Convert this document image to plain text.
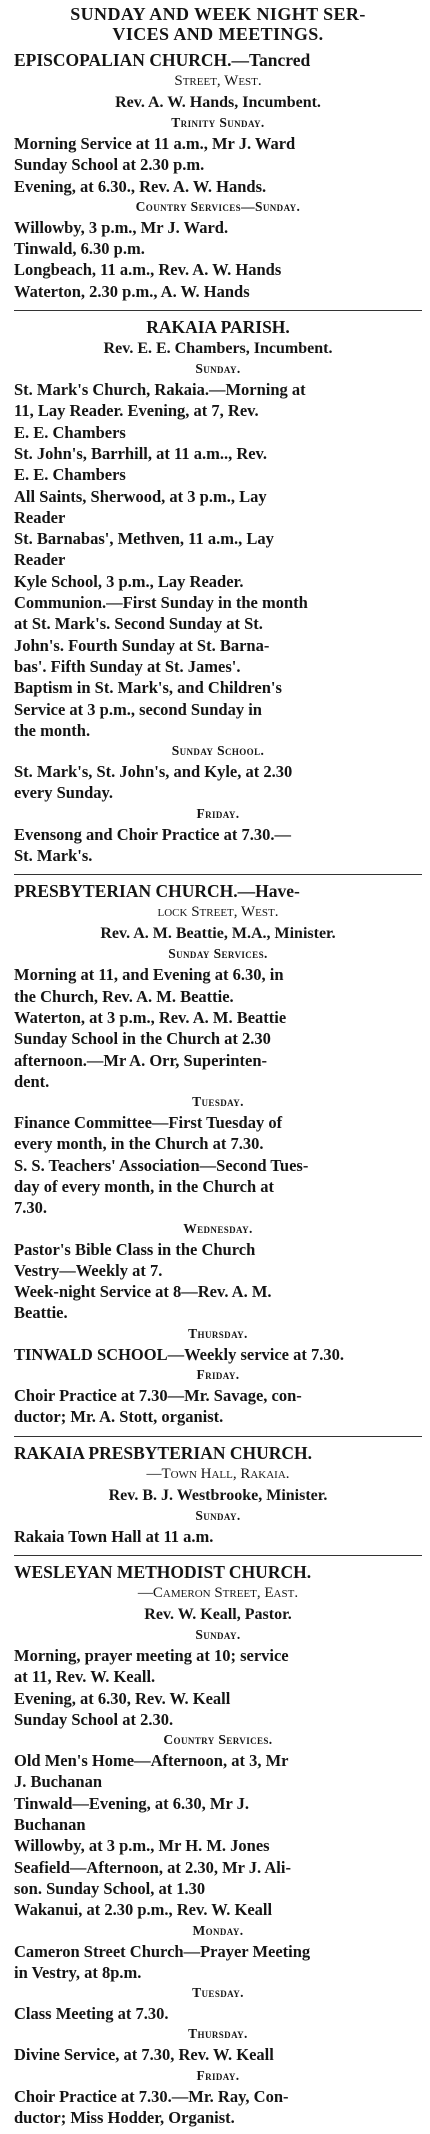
SUNDAY AND WEEK NIGHT SER-
VICES AND MEETINGS.
EPISCOPALIAN CHURCH.—Tancred
Street, West.
Rev. A. W. Hands, Incumbent.
Trinity Sunday.
Morning Service at 11 a.m., Mr J. Ward
Sunday School at 2.30 p.m.
Evening, at 6.30., Rev. A. W. Hands.
Country Services—Sunday.
Willowby, 3 p.m., Mr J. Ward.
Tinwald, 6.30 p.m.
Longbeach, 11 a.m., Rev. A. W. Hands
Waterton, 2.30 p.m., A. W. Hands
RAKAIA PARISH.
Rev. E. E. Chambers, Incumbent.
Sunday.
St. Mark's Church, Rakaia.—Morning at
11, Lay Reader. Evening, at 7, Rev.
E. E. Chambers
St. John's, Barrhill, at 11 a.m.., Rev.
E. E. Chambers
All Saints, Sherwood, at 3 p.m., Lay
Reader
St. Barnabas', Methven, 11 a.m., Lay
Reader
Kyle School, 3 p.m., Lay Reader.
Communion.—First Sunday in the month
at St. Mark's. Second Sunday at St.
John's. Fourth Sunday at St. Barna-
bas'. Fifth Sunday at St. James'.
Baptism in St. Mark's, and Children's
Service at 3 p.m., second Sunday in
the month.
Sunday School.
St. Mark's, St. John's, and Kyle, at 2.30
every Sunday.
Friday.
Evensong and Choir Practice at 7.30.—
St. Mark's.
PRESBYTERIAN CHURCH.—Have-
lock Street, West.
Rev. A. M. Beattie, M.A., Minister.
Sunday Services.
Morning at 11, and Evening at 6.30, in
the Church, Rev. A. M. Beattie.
Waterton, at 3 p.m., Rev. A. M. Beattie
Sunday School in the Church at 2.30
afternoon.—Mr A. Orr, Superinten-
dent.
Tuesday.
Finance Committee—First Tuesday of
every month, in the Church at 7.30.
S. S. Teachers' Association—Second Tues-
day of every month, in the Church at
7.30.
Wednesday.
Pastor's Bible Class in the Church
Vestry—Weekly at 7.
Week-night Service at 8—Rev. A. M.
Beattie.
Thursday.
TINWALD SCHOOL—Weekly service at 7.30.
Friday.
Choir Practice at 7.30—Mr. Savage, con-
ductor; Mr. A. Stott, organist.
RAKAIA PRESBYTERIAN CHURCH.
—Town Hall, Rakaia.
Rev. B. J. Westbrooke, Minister.
Sunday.
Rakaia Town Hall at 11 a.m.
WESLEYAN METHODIST CHURCH.
—Cameron Street, East.
Rev. W. Keall, Pastor.
Sunday.
Morning, prayer meeting at 10; service
at 11, Rev. W. Keall.
Evening, at 6.30, Rev. W. Keall
Sunday School at 2.30.
Country Services.
Old Men's Home—Afternoon, at 3, Mr
J. Buchanan
Tinwald—Evening, at 6.30, Mr J.
Buchanan
Willowby, at 3 p.m., Mr H. M. Jones
Seafield—Afternoon, at 2.30, Mr J. Ali-
son. Sunday School, at 1.30
Wakanui, at 2.30 p.m., Rev. W. Keall
Monday.
Cameron Street Church—Prayer Meeting
in Vestry, at 8p.m.
Tuesday.
Class Meeting at 7.30.
Thursday.
Divine Service, at 7.30, Rev. W. Keall
Friday.
Choir Practice at 7.30.—Mr. Ray, Con-
ductor; Miss Hodder, Organist.
